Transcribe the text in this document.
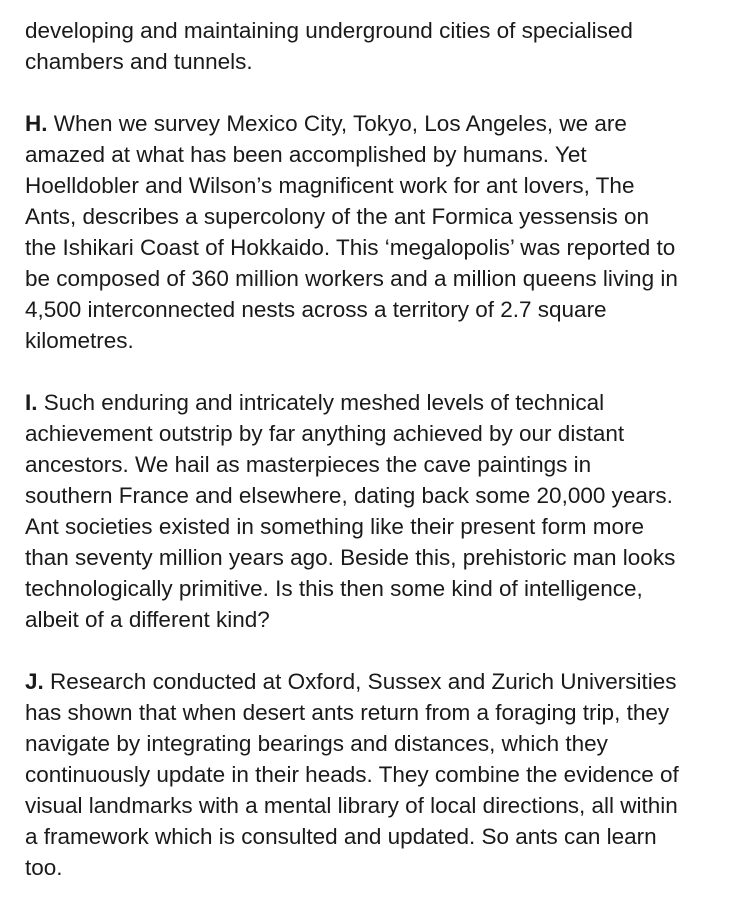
developing and maintaining underground cities of specialised
chambers and tunnels.

H. When we survey Mexico City, Tokyo, Los Angeles, we are
amazed at what has been accomplished by humans. Yet
Hoelldobler and Wilson’s magnificent work for ant lovers, The
Ants, describes a supercolony of the ant Formica yessensis on
the Ishikari Coast of Hokkaido. This ‘megalopolis’ was reported to
be composed of 360 million workers and a million queens living in
4,500 interconnected nests across a territory of 2.7 square
kilometres.

I. Such enduring and intricately meshed levels of technical
achievement outstrip by far anything achieved by our distant
ancestors. We hail as masterpieces the cave paintings in
southern France and elsewhere, dating back some 20,000 years.
Ant societies existed in something like their present form more
than seventy million years ago. Beside this, prehistoric man looks
technologically primitive. Is this then some kind of intelligence,
albeit of a different kind?

J. Research conducted at Oxford, Sussex and Zurich Universities
has shown that when desert ants return from a foraging trip, they
navigate by integrating bearings and distances, which they
continuously update in their heads. They combine the evidence of
visual landmarks with a mental library of local directions, all within
a framework which is consulted and updated. So ants can learn
too.
